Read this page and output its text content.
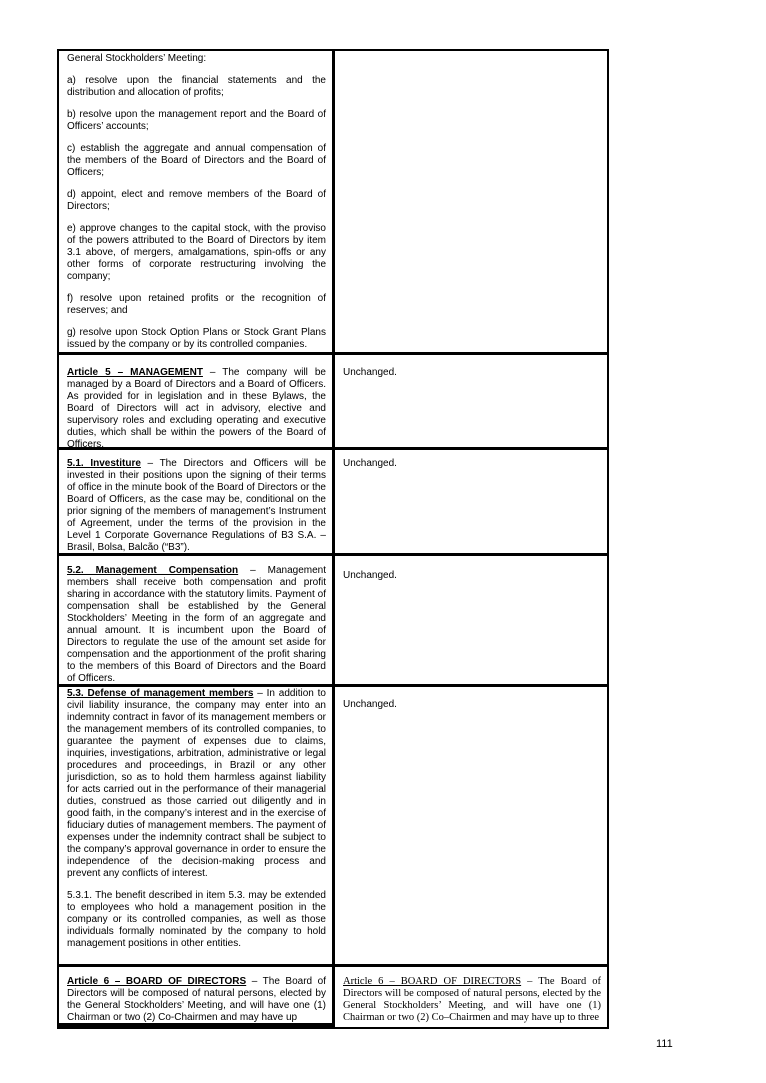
General Stockholders’ Meeting:

a) resolve upon the financial statements and the distribution and allocation of profits;

b) resolve upon the management report and the Board of Officers’ accounts;

c) establish the aggregate and annual compensation of the members of the Board of Directors and the Board of Officers;

d) appoint, elect and remove members of the Board of Directors;

e) approve changes to the capital stock, with the proviso of the powers attributed to the Board of Directors by item 3.1 above, of mergers, amalgamations, spin-offs or any other forms of corporate restructuring involving the company;

f) resolve upon retained profits or the recognition of reserves; and

g) resolve upon Stock Option Plans or Stock Grant Plans issued by the company or by its controlled companies.

Article 5 – MANAGEMENT – The company will be managed by a Board of Directors and a Board of Officers. As provided for in legislation and in these Bylaws, the Board of Directors will act in advisory, elective and supervisory roles and excluding operating and executive duties, which shall be within the powers of the Board of Officers.

Unchanged.

5.1. Investiture – The Directors and Officers will be invested in their positions upon the signing of their terms of office in the minute book of the Board of Directors or the Board of Officers, as the case may be, conditional on the prior signing of the members of management’s Instrument of Agreement, under the terms of the provision in the Level 1 Corporate Governance Regulations of B3 S.A. – Brasil, Bolsa, Balcão (“B3”).

Unchanged.

5.2. Management Compensation – Management members shall receive both compensation and profit sharing in accordance with the statutory limits. Payment of compensation shall be established by the General Stockholders’ Meeting in the form of an aggregate and annual amount. It is incumbent upon the Board of Directors to regulate the use of the amount set aside for compensation and the apportionment of the profit sharing to the members of this Board of Directors and the Board of Officers.

Unchanged.

5.3. Defense of management members – In addition to civil liability insurance, the company may enter into an indemnity contract in favor of its management members or the management members of its controlled companies, to guarantee the payment of expenses due to claims, inquiries, investigations, arbitration, administrative or legal procedures and proceedings, in Brazil or any other jurisdiction, so as to hold them harmless against liability for acts carried out in the performance of their managerial duties, construed as those carried out diligently and in good faith, in the company’s interest and in the exercise of fiduciary duties of management members. The payment of expenses under the indemnity contract shall be subject to the company’s approval governance in order to ensure the independence of the decision-making process and prevent any conflicts of interest.

5.3.1. The benefit described in item 5.3. may be extended to employees who hold a management position in the company or its controlled companies, as well as those individuals formally nominated by the company to hold management positions in other entities.

Unchanged.

Article 6 – BOARD OF DIRECTORS – The Board of Directors will be composed of natural persons, elected by the General Stockholders’ Meeting, and will have one (1) Chairman or two (2) Co-Chairmen and may have up

Article 6 – BOARD OF DIRECTORS – The Board of Directors will be composed of natural persons, elected by the General Stockholders’ Meeting, and will have one (1) Chairman or two (2) Co–Chairmen and may have up to three

111
